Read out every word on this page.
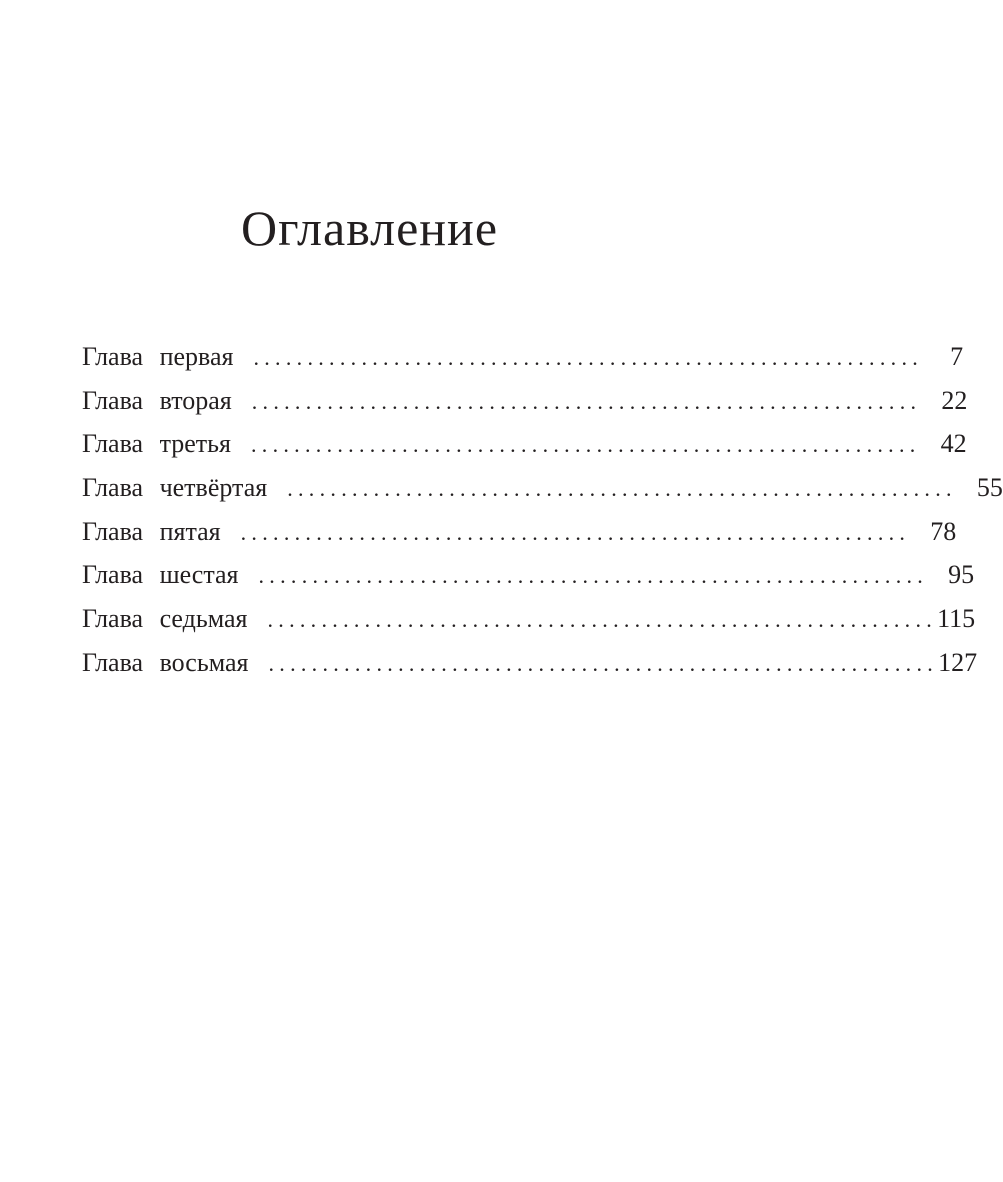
Оглавление
Глава первая ..............................................................	7
Глава вторая .............................................................. 22
Глава третья .............................................................. 42
Глава четвёртая .............................................................. 55
Глава пятая .............................................................. 78
Глава шестая .............................................................. 95
Глава седьмая .............................................................. 115
Глава восьмая .............................................................. 127
